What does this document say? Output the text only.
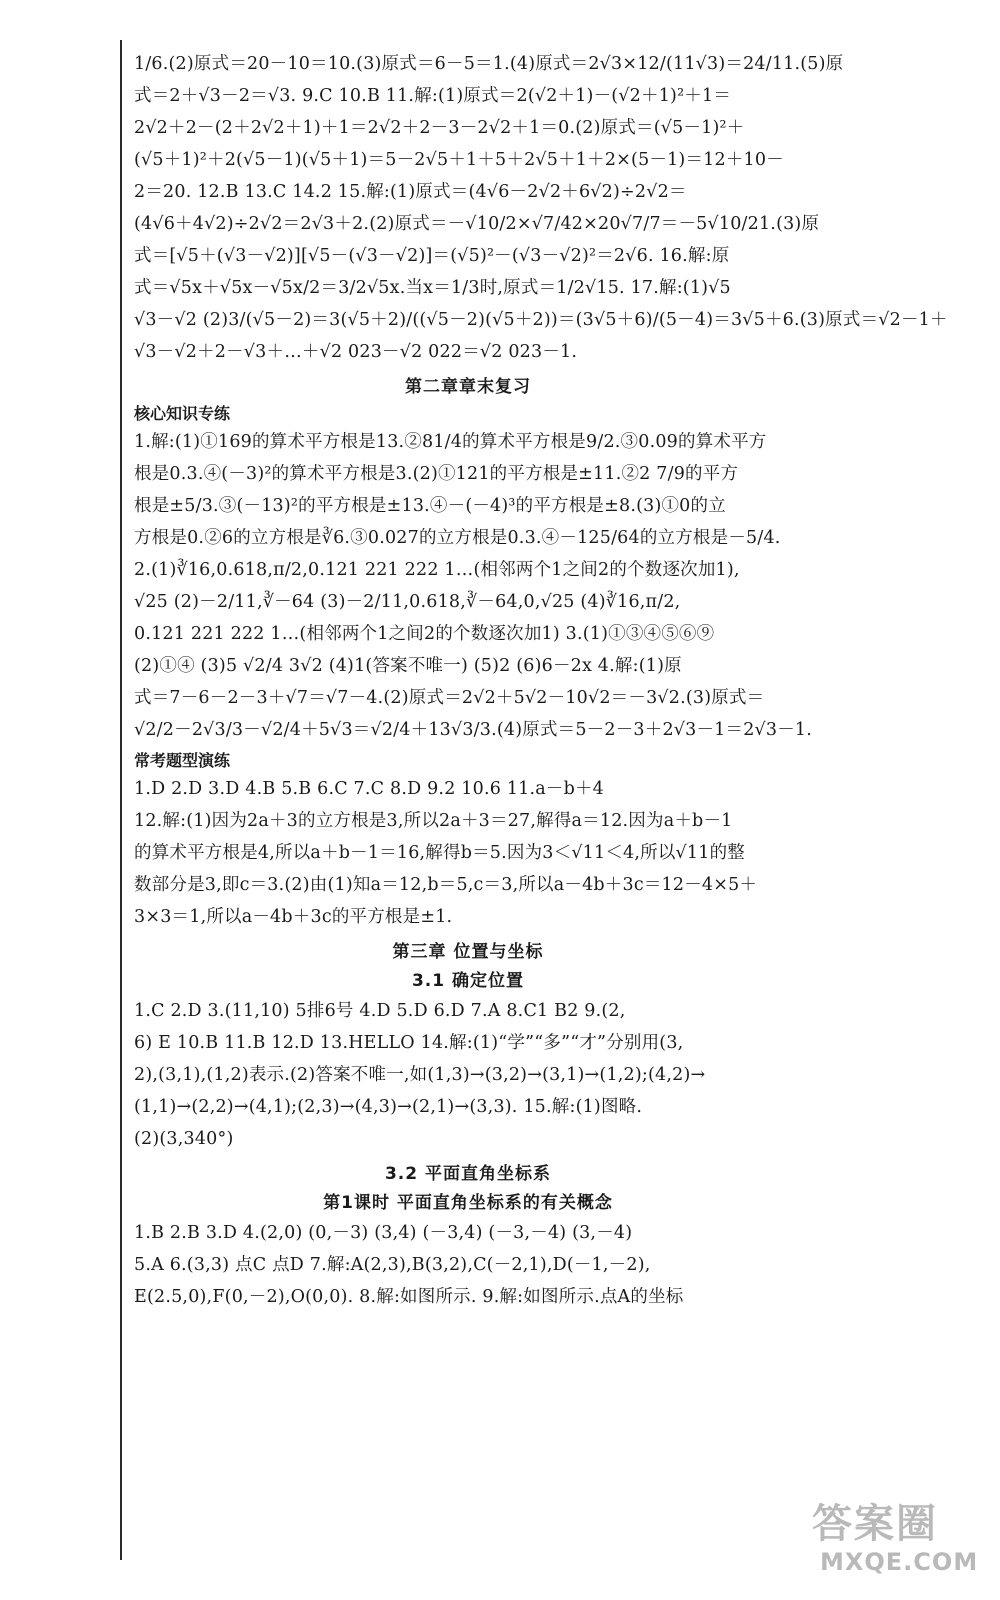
1/6.(2)原式＝20－10＝10.(3)原式＝6－5＝1.(4)原式＝2√3×12/(11√3)＝24/11.(5)原

式＝2＋√3－2＝√3. 9.C 10.B 11.解:(1)原式＝2(√2＋1)－(√2＋1)²＋1＝

2√2＋2－(2＋2√2＋1)＋1＝2√2＋2－3－2√2＋1＝0.(2)原式＝(√5－1)²＋

(√5＋1)²＋2(√5－1)(√5＋1)＝5－2√5＋1＋5＋2√5＋1＋2×(5－1)＝12＋10－

2＝20. 12.B 13.C 14.2 15.解:(1)原式＝(4√6－2√2＋6√2)÷2√2＝

(4√6＋4√2)÷2√2＝2√3＋2.(2)原式＝－√10/2×√7/42×20√7/7＝－5√10/21.(3)原

式＝[√5＋(√3－√2)][√5－(√3－√2)]＝(√5)²－(√3－√2)²＝2√6. 16.解:原

式＝√5x＋√5x－√5x/2＝3/2√5x.当x＝1/3时,原式＝1/2√15. 17.解:(1)√5

√3－√2 (2)3/(√5－2)＝3(√5＋2)/((√5－2)(√5＋2))＝(3√5＋6)/(5－4)＝3√5＋6.(3)原式＝√2－1＋

√3－√2＋2－√3＋…＋√2 023－√2 022＝√2 023－1.

第二章章末复习
核心知识专练

1.解:(1)①169的算术平方根是13.②81/4的算术平方根是9/2.③0.09的算术平方

根是0.3.④(－3)²的算术平方根是3.(2)①121的平方根是±11.②2 7/9的平方

根是±5/3.③(－13)²的平方根是±13.④－(－4)³的平方根是±8.(3)①0的立

方根是0.②6的立方根是∛6.③0.027的立方根是0.3.④－125/64的立方根是－5/4.

2.(1)∛16,0.618,π/2,0.121 221 222 1…(相邻两个1之间2的个数逐次加1),

√25 (2)－2/11,∛－64 (3)－2/11,0.618,∛－64,0,√25 (4)∛16,π/2,

0.121 221 222 1…(相邻两个1之间2的个数逐次加1) 3.(1)①③④⑤⑥⑨

(2)①④ (3)5 √2/4 3√2 (4)1(答案不唯一) (5)2 (6)6－2x 4.解:(1)原

式＝7－6－2－3＋√7＝√7－4.(2)原式＝2√2＋5√2－10√2＝－3√2.(3)原式＝

√2/2－2√3/3－√2/4＋5√3＝√2/4＋13√3/3.(4)原式＝5－2－3＋2√3－1＝2√3－1.

常考题型演练

1.D 2.D 3.D 4.B 5.B 6.C 7.C 8.D 9.2 10.6 11.a－b＋4

12.解:(1)因为2a＋3的立方根是3,所以2a＋3＝27,解得a＝12.因为a＋b－1

的算术平方根是4,所以a＋b－1＝16,解得b＝5.因为3＜√11＜4,所以√11的整

数部分是3,即c＝3.(2)由(1)知a＝12,b＝5,c＝3,所以a－4b＋3c＝12－4×5＋

3×3＝1,所以a－4b＋3c的平方根是±1.

第三章 位置与坐标
3.1 确定位置

1.C 2.D 3.(11,10) 5排6号 4.D 5.D 6.D 7.A 8.C1 B2 9.(2,

6) E 10.B 11.B 12.D 13.HELLO 14.解:(1)“学”“多”“才”分别用(3,

2),(3,1),(1,2)表示.(2)答案不唯一,如(1,3)→(3,2)→(3,1)→(1,2);(4,2)→

(1,1)→(2,2)→(4,1);(2,3)→(4,3)→(2,1)→(3,3). 15.解:(1)图略.

(2)(3,340°)

3.2 平面直角坐标系
第1课时 平面直角坐标系的有关概念

1.B 2.B 3.D 4.(2,0) (0,－3) (3,4) (－3,4) (－3,－4) (3,－4)

5.A 6.(3,3) 点C 点D 7.解:A(2,3),B(3,2),C(－2,1),D(－1,－2),

E(2.5,0),F(0,－2),O(0,0). 8.解:如图所示. 9.解:如图所示.点A的坐标

答案圈
MXQE.COM
